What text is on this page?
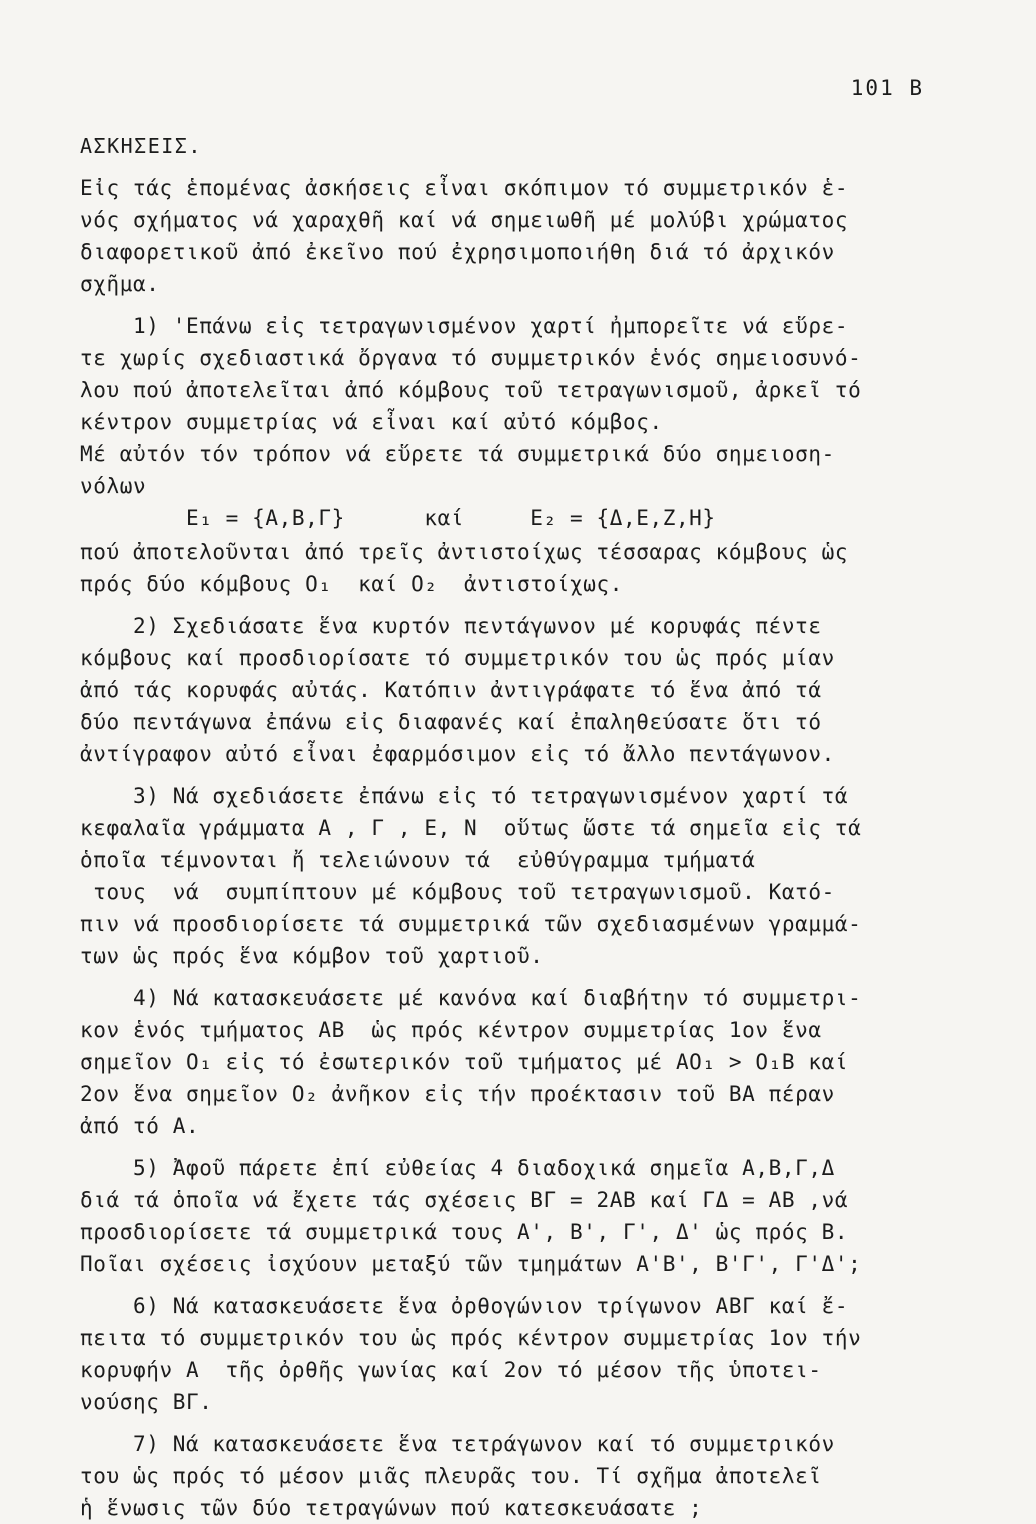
101 Β
ΑΣΚΗΣΕΙΣ.
Εἰς τάς ἑπομένας ἀσκήσεις εἶναι σκόπιμον τό συμμετρικόν ἑ-
νός σχήματος νά χαραχθῆ καί νά σημειωθῆ μέ μολύβι χρώματος
διαφορετικοῦ ἀπό ἐκεῖνο πού ἐχρησιμοποιήθη διά τό ἀρχικόν
σχῆμα.
1) 'Επάνω εἰς τετραγωνισμένον χαρτί ἠμπορεῖτε νά εὕρε-
τε χωρίς σχεδιαστικά ὄργανα τό συμμετρικόν ἑνός σημειοσυνό-
λου πού ἀποτελεῖται ἀπό κόμβους τοῦ τετραγωνισμοῦ, ἀρκεῖ τό
κέντρον συμμετρίας νά εἶναι καί αὐτό κόμβος.
Μέ αὐτόν τόν τρόπον νά εὕρετε τά συμμετρικά δύο σημειοση-
νόλων
Ε₁ = {Α,Β,Γ}      καί     Ε₂ = {Δ,Ε,Ζ,Η}
πού ἀποτελοῦνται ἀπό τρεῖς ἀντιστοίχως τέσσαρας κόμβους ὡς
πρός δύο κόμβους Ο₁  καί Ο₂  ἀντιστοίχως.
2) Σχεδιάσατε ἕνα κυρτόν πεντάγωνον μέ κορυφάς πέντε
κόμβους καί προσδιορίσατε τό συμμετρικόν του ὡς πρός μίαν
ἀπό τάς κορυφάς αὐτάς. Κατόπιν ἀντιγράφατε τό ἕνα ἀπό τά
δύο πεντάγωνα ἐπάνω εἰς διαφανές καί ἐπαληθεύσατε ὅτι τό
ἀντίγραφον αὐτό εἶναι ἐφαρμόσιμον εἰς τό ἄλλο πεντάγωνον.
3) Νά σχεδιάσετε ἐπάνω εἰς τό τετραγωνισμένον χαρτί τά
κεφαλαῖα γράμματα Α , Γ , Ε, Ν  οὕτως ὥστε τά σημεῖα εἰς τά
ὁποῖα τέμνονται ἤ τελειώνουν τά  εὐθύγραμμα τμήματά
τους  νά  συμπίπτουν μέ κόμβους τοῦ τετραγωνισμοῦ. Κατό-
πιν νά προσδιορίσετε τά συμμετρικά τῶν σχεδιασμένων γραμμά-
των ὡς πρός ἕνα κόμβον τοῦ χαρτιοῦ.
4) Νά κατασκευάσετε μέ κανόνα καί διαβήτην τό συμμετρι-
κον ἑνός τμήματος ΑΒ  ὡς πρός κέντρον συμμετρίας 1ον ἕνα
σημεῖον Ο₁ εἰς τό ἐσωτερικόν τοῦ τμήματος μέ ΑΟ₁ > Ο₁Β καί
2ον ἕνα σημεῖον Ο₂ ἀνῆκον εἰς τήν προέκτασιν τοῦ ΒΑ πέραν
ἀπό τό Α.
5) Ἀφοῦ πάρετε ἐπί εὐθείας 4 διαδοχικά σημεῖα Α,Β,Γ,Δ
διά τά ὁποῖα νά ἔχετε τάς σχέσεις ΒΓ = 2ΑΒ καί ΓΔ = ΑΒ ,νά
προσδιορίσετε τά συμμετρικά τους Α', Β', Γ', Δ' ὡς πρός Β.
Ποῖαι σχέσεις ἰσχύουν μεταξύ τῶν τμημάτων Α'Β', Β'Γ', Γ'Δ';
6) Νά κατασκευάσετε ἕνα ὀρθογώνιον τρίγωνον ΑΒΓ καί ἔ-
πειτα τό συμμετρικόν του ὡς πρός κέντρον συμμετρίας 1ον τήν
κορυφήν Α  τῆς ὀρθῆς γωνίας καί 2ον τό μέσον τῆς ὑποτει-
νούσης ΒΓ.
7) Νά κατασκευάσετε ἕνα τετράγωνον καί τό συμμετρικόν
του ὡς πρός τό μέσον μιᾶς πλευρᾶς του. Τί σχῆμα ἀποτελεῖ
ἡ ἕνωσις τῶν δύο τετραγώνων πού κατεσκευάσατε ;
